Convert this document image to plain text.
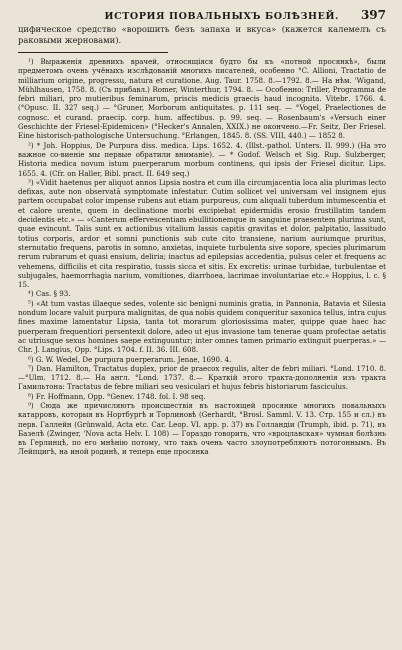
ИСТОРИЯ ПОВАЛЬНЫХЪ БОЛѢЗНЕЙ. 397

цифическое средство «ворошить безъ запаха и вкуса» (кажется калемелъ съ раковыми жерновами).

¹) Выраженія древнихъ врачей, относящіяся будто бы къ «потной просянкѣ», были предметомъ очень учёныхъ изслѣдованій многихъ писателей, особенно °C. Allioni, Tractatio de milliarium origine, progressu, natura et curatione. Aug. Taur. 1758. 8.—1792. 8.— На нѣм. 'Wigand, Mühlhausen, 1758. 8. (Съ прибавл.) Romer, Winterthur, 1794. 8. — Особенно: Triller, Programma de febri miliari, pro mutieribus feminarum, priscis medicis graecis haud incognita. Vitebг. 1766. 4. (°Opusc. II. 327 seq.) — °Gruner, Morborum antiquitates. p. 111 seq. — °Vogel, Praelectiones de cognosc. et curand. praecip. corp. hum. affectibus. p. 99. seq. — Rosenbaum's «Versuch einer Geschichte der Friesel-Epidemicen» (°Hecker's Annalen, XXIX.) не окончено.—Fr. Seitz, Der Friesel. Eine historisch-pathologische Untersuchung. °Erlangen, 1845. 8. (SS. VIII, 440.) — 1852 8.

²) * Joh. Hoppius, De Purpura diss. medica. Lips. 1652. 4. (Illst.-pathol. Unters. II. 999.) (На это важное со-виеніе мы первые обратили вниманіе). — * Godof. Welsch et Sig. Rup. Sulzberger, Historia medica novum istum puerperarum morbum continens, qui ipsis der Friesel dicitur. Lips. 1655. 4. (Cfr. on Haller, Bibl. pract. II. 649 seq.)

³) «Vidit haetenus per aliquot annos Lipsia nostra et cum illa circumjacentia loca alia plurimas lecto defixas, aute non observatā symptomate infestatur. Cutim sollicet vel universam vel insignem ejus partem occupabat color impense rubens aut etiam purpureus, cum aliquali tuberdum intumescentia et et calore urente, quem in declinatione morbi excipiebat epidermidis erosio frustillatim tandem decidentis etc.» — «Canterum effervescentiam ebullitionemque in sanguine praesentem plurima sunt, quae evincunt. Talis sunt ex actionibus vitalium lassis capitis gravitas et dolor, palpitatio, lassitudo totius corporis, ardor et somni punctionis sub cute cito transiene, narium auriumque pruritus, sternutatio frequens, parotis in somno, anxietas, inquiete turbulenta sive sopore, species plurimarum rerum rubrarum et quasi ensium, deliria; inactus ad epilepsias accedentia, pulsus celer et frequens ac vehemens, difficilis et cita respiratio, tussis sicca et sitis. Ex excretis: urinae turbidae, turbulentae et subjugales, haemorrhagia narium, vomitiones, diarrhoea, lacrimae involuntariae etc.» Hoppius, l. c. § 15.

⁴) Cas. § 93.

⁵) «At tum vastas illaeque sedes, volente sic benigni numinis gratia, in Pannonia, Batavia et Silesia nondum locare valuit purpura malignitas, de qua nobis quidem conqueritur saxonica tellus, intra cujus fines maxime lamentatur Lipsia, tanta tot morarum gloriosissima mater, quippe quae haec hac puerperam frequentiori persentexit dolore, adeo ut ejus invasione tam tenerae quam profectae aetatis ac utriusque sexus homines saepe extinguuntur; inter omnes tamen primario extinguit puerperas.» — Chr. J. Langius, Opp. °Lips. 1704. f. II. 36. III. 608.

⁶) G. W. Wedel, De purpura puerperarum. Jenae, 1690. 4.

⁷) Dan. Hamilton, Tractatus duplex, prior de praecox regulis, alter de febri miliari. °Lond. 1710. 8.—°Ulm. 1712. 8.— На англ. °Lond. 1737. 8.— Краткій этого тракта-дополненія изъ тракта Гамильтона: Tractatus de febre miliari seu vesiculari et hujus febris historiarum fasciculus.

⁸) Fr. Hoffmann, Opp. °Genev. 1748. fol. I. 98 seq.

⁹) Сюда же причисляютъ происшествія въ настоящей просянке многихъ повальныхъ катарровъ, которыя въ Нортбургѣ и Торлиновѣ (Gerhardt, °Brosl. Samml. V. 13. Стр. 155 и сл.) въ перв. Галлейн (Grünwald, Acta etc. Car. Leop. VI. app. p. 37) въ Голландіи (Trumph, ibid. p. 71), въ Базелѣ (Zwinger, 'Nova acta Helv. I. 108) — Гораздо говорить, что «вроцлавская» чумная болѣзнь въ Герлинцѣ, по его мнѣнію потому, что такъ очень часто злоупотребляютъ потогоннымъ. Въ Лейпцигѣ, на иной родинѣ, и теперь еще просянка
